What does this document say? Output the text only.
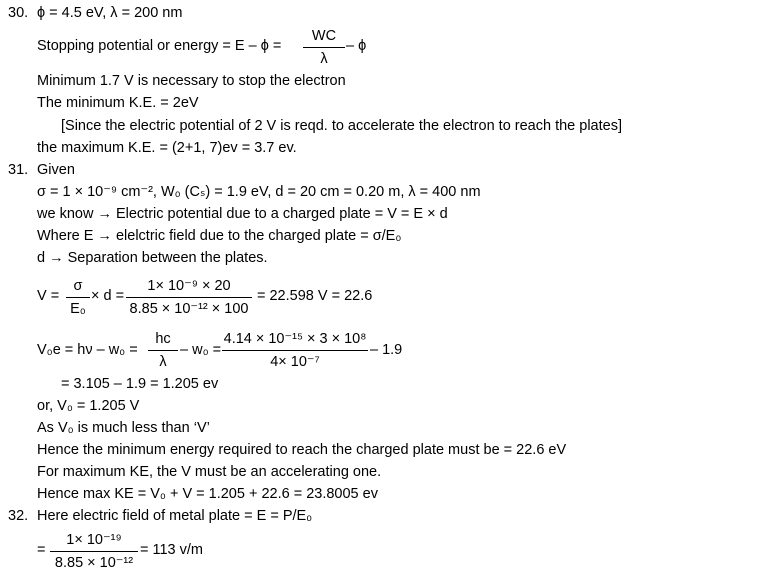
30. ϕ = 4.5 eV, λ = 200 nm
Stopping potential or energy = E – ϕ =
WC
λ
– ϕ
Minimum 1.7 V is necessary to stop the electron
The minimum K.E. = 2eV
[Since the electric potential of 2 V is reqd. to accelerate the electron to reach the plates]
the maximum K.E. = (2+1, 7)ev = 3.7 ev.
31. Given
σ = 1 × 10⁻⁹ cm⁻², W₀ (Cₛ) = 1.9 eV, d = 20 cm = 0.20 m, λ = 400 nm
we know → Electric potential due to a charged plate = V = E × d
Where E → elelctric field due to the charged plate = σ/E₀
d → Separation between the plates.
V =
σ
E₀
× d =
1× 10⁻⁹ × 20
8.85 × 10⁻¹² × 100
= 22.598 V = 22.6
V₀e = hν – w₀ =
hc
λ
– w₀ =
4.14 × 10⁻¹⁵ × 3 × 10⁸
4× 10⁻⁷
– 1.9
= 3.105 – 1.9 = 1.205 ev
or, V₀ = 1.205 V
As V₀ is much less than ‘V’
Hence the minimum energy required to reach the charged plate must be = 22.6 eV
For maximum KE, the V must be an accelerating one.
Hence max KE = V₀ + V = 1.205 + 22.6 = 23.8005 ev
32. Here electric field of metal plate = E = P/E₀
=
1× 10⁻¹⁹
8.85 × 10⁻¹²
= 113 v/m
